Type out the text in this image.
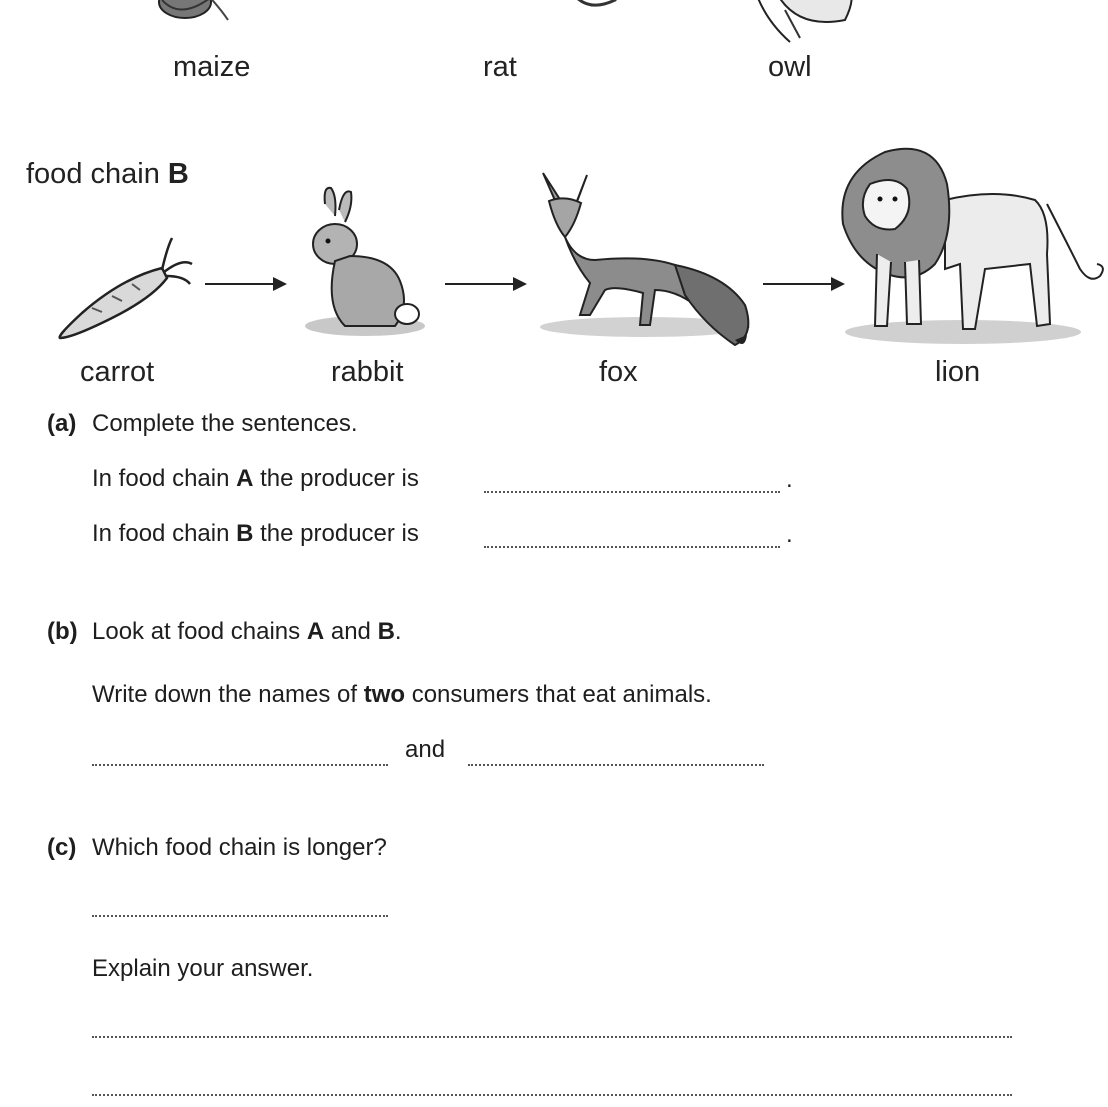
maize	rat	owl
food chain B
carrot	rabbit	fox	lion
(a) Complete the sentences.
In food chain A the producer is	.
In food chain B the producer is	.
(b) Look at food chains A and B.
Write down the names of two consumers that eat animals.
and
(c) Which food chain is longer?
Explain your answer.
